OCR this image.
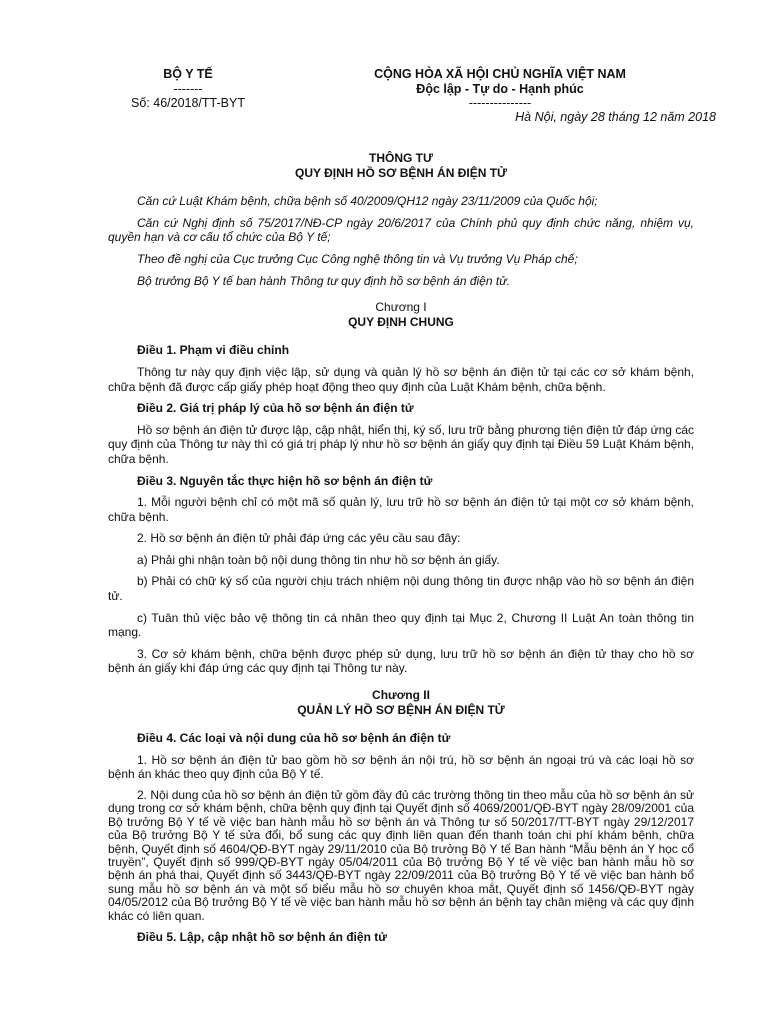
BỘ Y TẾ
-------
Số: 46/2018/TT-BYT
CỘNG HÒA XÃ HỘI CHỦ NGHĨA VIỆT NAM
Độc lập - Tự do - Hạnh phúc
---------------
Hà Nội, ngày 28 tháng 12 năm 2018
THÔNG TƯ
QUY ĐỊNH HỒ SƠ BỆNH ÁN ĐIỆN TỬ

Căn cứ Luật Khám bệnh, chữa bệnh số 40/2009/QH12 ngày 23/11/2009 của Quốc hội;

Căn cứ Nghị định số 75/2017/NĐ-CP ngày 20/6/2017 của Chính phủ quy định chức năng, nhiệm vụ, quyền hạn và cơ cấu tổ chức của Bộ Y tế;

Theo đề nghị của Cục trưởng Cục Công nghệ thông tin và Vụ trưởng Vụ Pháp chế;

Bộ trưởng Bộ Y tế ban hành Thông tư quy định hồ sơ bệnh án điện tử.

Chương I
QUY ĐỊNH CHUNG

Điều 1. Phạm vi điều chỉnh

Thông tư này quy định việc lập, sử dụng và quản lý hồ sơ bệnh án điện tử tại các cơ sở khám bệnh, chữa bệnh đã được cấp giấy phép hoạt động theo quy định của Luật Khám bệnh, chữa bệnh.

Điều 2. Giá trị pháp lý của hồ sơ bệnh án điện tử

Hồ sơ bệnh án điện tử được lập, cập nhật, hiển thị, ký số, lưu trữ bằng phương tiện điện tử đáp ứng các quy định của Thông tư này thì có giá trị pháp lý như hồ sơ bệnh án giấy quy định tại Điều 59 Luật Khám bệnh, chữa bệnh.

Điều 3. Nguyên tắc thực hiện hồ sơ bệnh án điện tử

1. Mỗi người bệnh chỉ có một mã số quản lý, lưu trữ hồ sơ bệnh án điện tử tại một cơ sở khám bệnh, chữa bệnh.

2. Hồ sơ bệnh án điện tử phải đáp ứng các yêu cầu sau đây:

a) Phải ghi nhận toàn bộ nội dung thông tin như hồ sơ bệnh án giấy.

b) Phải có chữ ký số của người chịu trách nhiệm nội dung thông tin được nhập vào hồ sơ bệnh án điện tử.

c) Tuân thủ việc bảo vệ thông tin cá nhân theo quy định tại Mục 2, Chương II Luật An toàn thông tin mạng.

3. Cơ sở khám bệnh, chữa bệnh được phép sử dụng, lưu trữ hồ sơ bệnh án điện tử thay cho hồ sơ bệnh án giấy khi đáp ứng các quy định tại Thông tư này.

Chương II
QUẢN LÝ HỒ SƠ BỆNH ÁN ĐIỆN TỬ

Điều 4. Các loại và nội dung của hồ sơ bệnh án điện tử

1. Hồ sơ bệnh án điện tử bao gồm hồ sơ bệnh án nội trú, hồ sơ bệnh án ngoại trú và các loại hồ sơ bệnh án khác theo quy định của Bộ Y tế.

2. Nội dung của hồ sơ bệnh án điện tử gồm đầy đủ các trường thông tin theo mẫu của hồ sơ bệnh án sử dụng trong cơ sở khám bệnh, chữa bệnh quy định tại Quyết định số 4069/2001/QĐ-BYT ngày 28/09/2001 của Bộ trưởng Bộ Y tế về việc ban hành mẫu hồ sơ bệnh án và Thông tư số 50/2017/TT-BYT ngày 29/12/2017 của Bộ trưởng Bộ Y tế sửa đổi, bổ sung các quy định liên quan đến thanh toán chi phí khám bệnh, chữa bệnh, Quyết định số 4604/QĐ-BYT ngày 29/11/2010 của Bộ trưởng Bộ Y tế Ban hành “Mẫu bệnh án Y học cổ truyền”, Quyết định số 999/QĐ-BYT ngày 05/04/2011 của Bộ trưởng Bộ Y tế về việc ban hành mẫu hồ sơ bệnh án phá thai, Quyết định số 3443/QĐ-BYT ngày 22/09/2011 của Bộ trưởng Bộ Y tế về việc ban hành bổ sung mẫu hồ sơ bệnh án và một số biểu mẫu hồ sơ chuyên khoa mắt, Quyết định số 1456/QĐ-BYT ngày 04/05/2012 của Bộ trưởng Bộ Y tế về việc ban hành mẫu hồ sơ bệnh án bệnh tay chân miệng và các quy định khác có liên quan.

Điều 5. Lập, cập nhật hồ sơ bệnh án điện tử
